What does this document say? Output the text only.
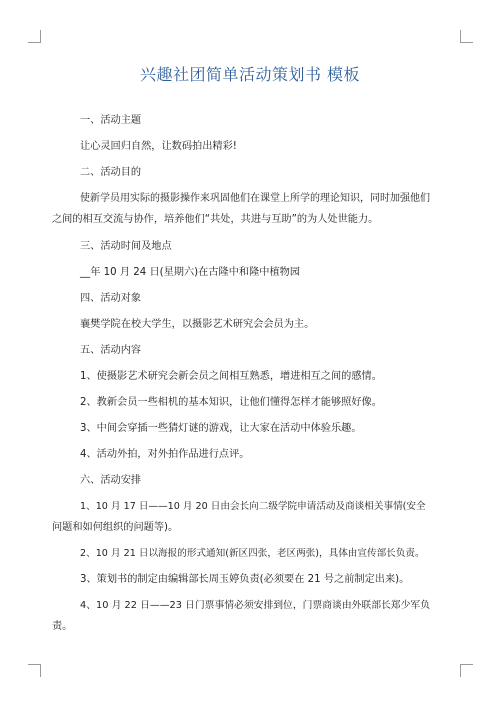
兴趣社团简单活动策划书 模板
一、活动主题
让心灵回归自然，让数码拍出精彩!
二、活动目的
使新学员用实际的摄影操作来巩固他们在课堂上所学的理论知识，同时加强他们
之间的相互交流与协作，培养他们“共处，共进与互助”的为人处世能力。
三、活动时间及地点
__年 10 月 24 日(星期六)在古隆中和隆中植物园
四、活动对象
襄樊学院在校大学生，以摄影艺术研究会会员为主。
五、活动内容
1、使摄影艺术研究会新会员之间相互熟悉，增进相互之间的感情。
2、教新会员一些相机的基本知识，让他们懂得怎样才能够照好像。
3、中间会穿插一些猜灯谜的游戏，让大家在活动中体验乐趣。
4、活动外拍，对外拍作品进行点评。
六、活动安排
1、10 月 17 日——10 月 20 日由会长向二级学院申请活动及商谈相关事情(安全
问题和如何组织的问题等)。
2、10 月 21 日以海报的形式通知(新区四张，老区两张)，具体由宣传部长负责。
3、策划书的制定由编辑部长周玉婷负责(必须要在 21 号之前制定出来)。
4、10 月 22 日——23 日门票事情必须安排到位，门票商谈由外联部长郑少军负
责。
